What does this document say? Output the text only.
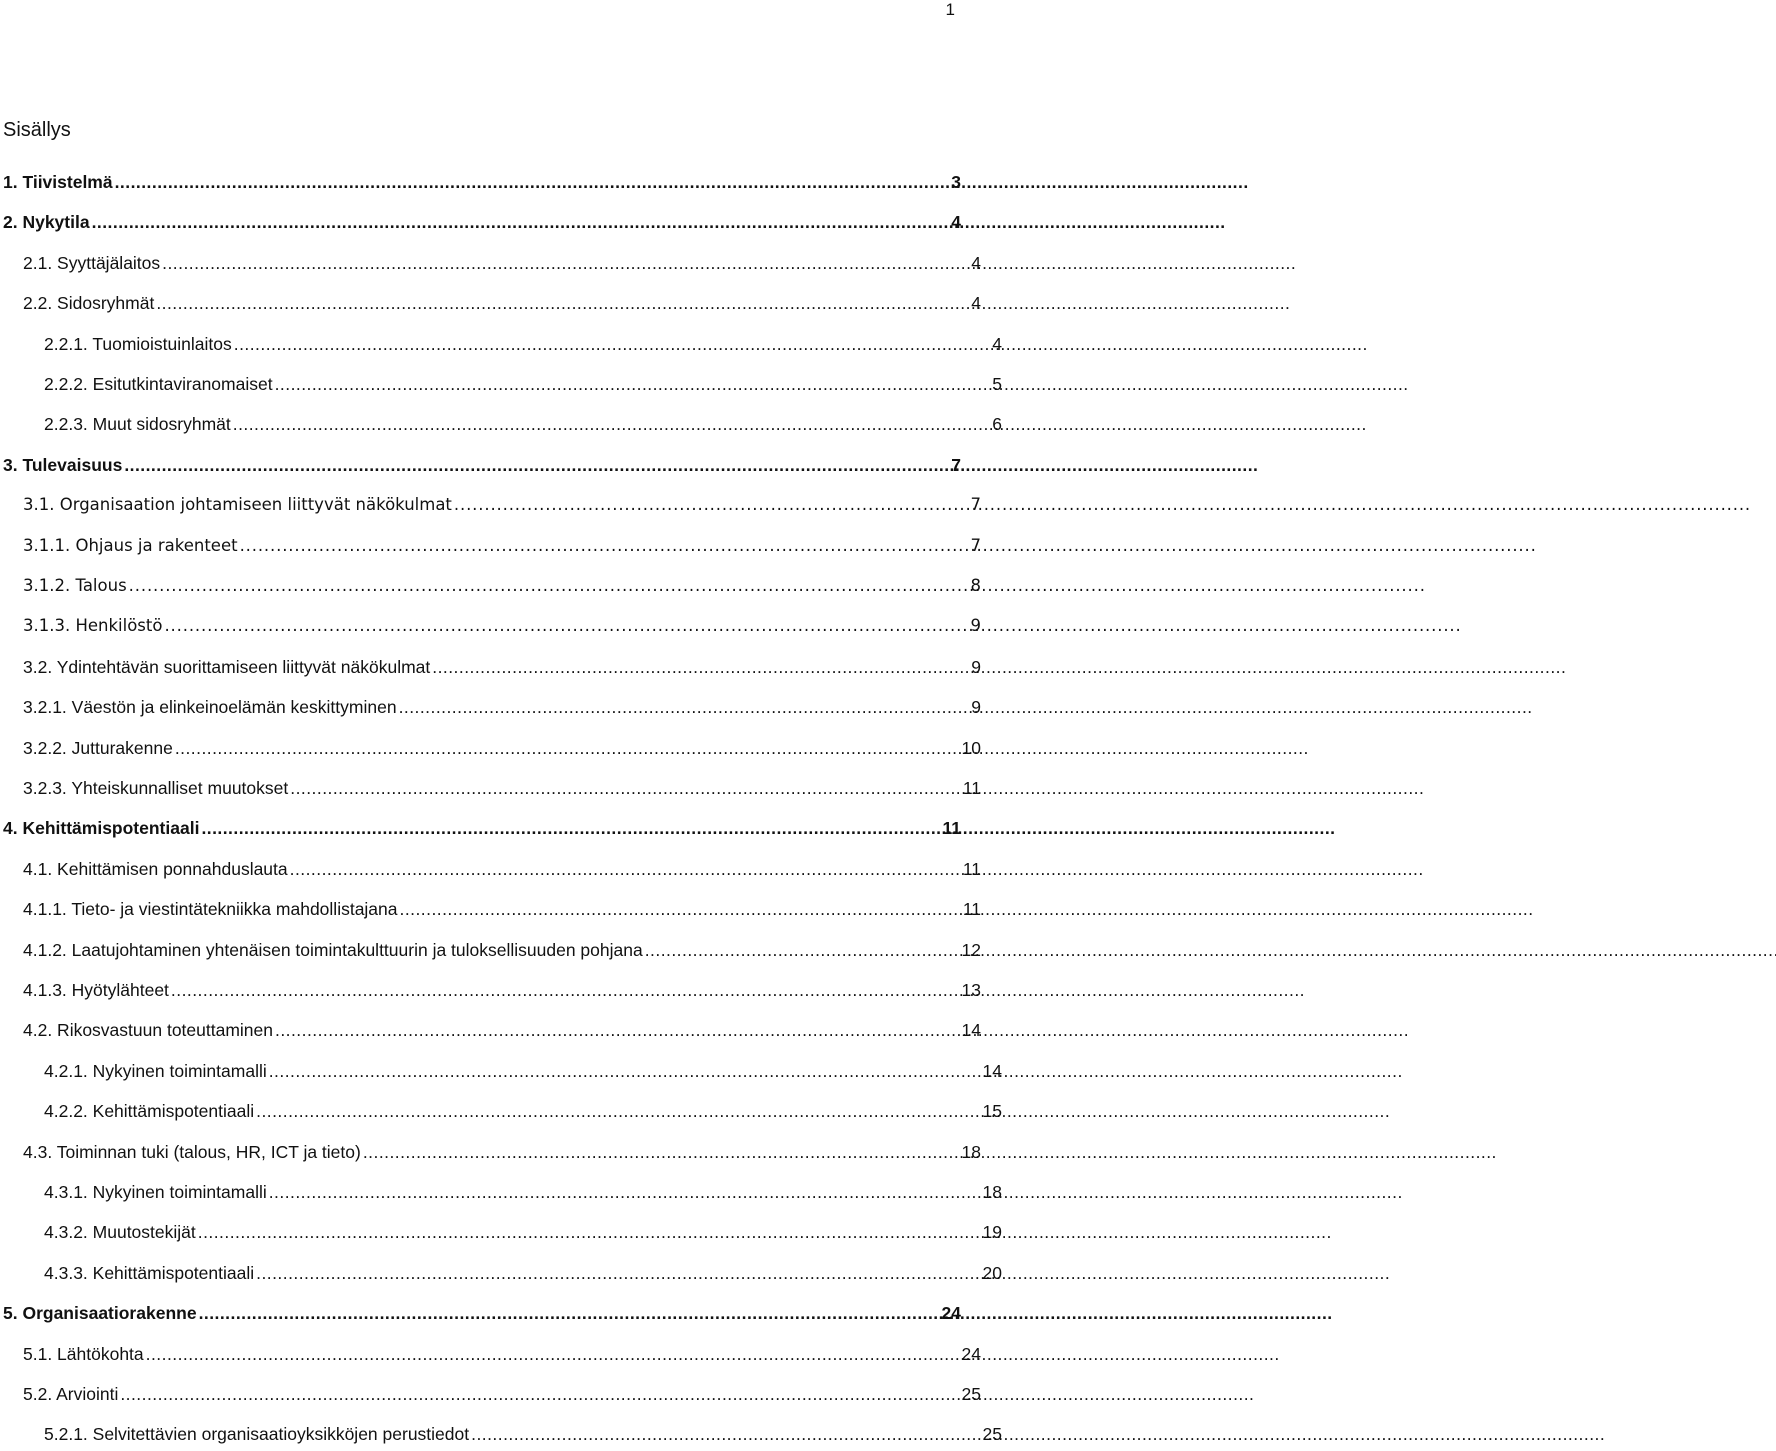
1
Sisällys
1. Tiivistelmä . . .	3
2. Nykytila . . .	4
2.1. Syyttäjälaitos . . .	4
2.2. Sidosryhmät . . .	4
2.2.1. Tuomioistuinlaitos . . .	4
2.2.2. Esitutkintaviranomaiset . . .	5
2.2.3. Muut sidosryhmät . . .	6
3. Tulevaisuus . . .	7
3.1. Organisaation johtamiseen liittyvät näkökulmat . . .	7
3.1.1. Ohjaus ja rakenteet . . .	7
3.1.2. Talous . . .	8
3.1.3. Henkilöstö . . .	9
3.2. Ydintehtävän suorittamiseen liittyvät näkökulmat . . .	9
3.2.1. Väestön ja elinkeinoelämän keskittyminen . . .	9
3.2.2. Jutturakenne . . .	10
3.2.3. Yhteiskunnalliset muutokset . . .	11
4. Kehittämispotentiaali . . .	11
4.1. Kehittämisen ponnahduslauta . . .	11
4.1.1. Tieto- ja viestintätekniikka mahdollistajana . . .	11
4.1.2. Laatujohtaminen yhtenäisen toimintakulttuurin ja tuloksellisuuden pohjana . . .	12
4.1.3. Hyötylähteet . . .	13
4.2. Rikosvastuun toteuttaminen . . .	14
4.2.1. Nykyinen toimintamalli . . .	14
4.2.2. Kehittämispotentiaali . . .	15
4.3. Toiminnan tuki (talous, HR, ICT ja tieto) . . .	18
4.3.1. Nykyinen toimintamalli . . .	18
4.3.2. Muutostekijät . . .	19
4.3.3. Kehittämispotentiaali . . .	20
5. Organisaatiorakenne . . .	24
5.1. Lähtökohta . . .	24
5.2. Arviointi . . .	25
5.2.1. Selvitettävien organisaatioyksikköjen perustiedot . . .	25
